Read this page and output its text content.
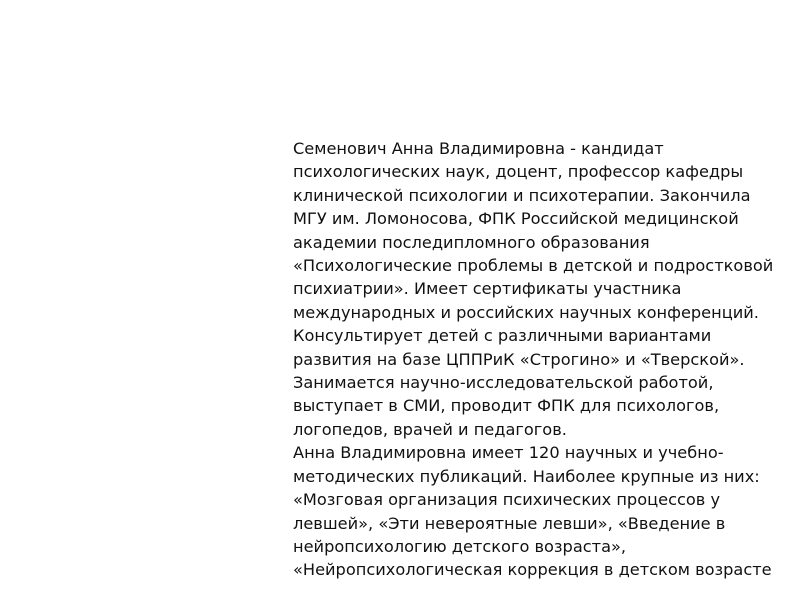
Семенович Анна Владимировна - кандидат
психологических наук, доцент, профессор кафедры
клинической психологии и психотерапии. Закончила
МГУ им. Ломоносова, ФПК Российской медицинской
академии последипломного образования
«Психологические проблемы в детской и подростковой
психиатрии». Имеет сертификаты участника
международных и российских научных конференций.
Консультирует детей с различными вариантами
развития на базе ЦППРиК «Строгино» и «Тверской».
Занимается научно-исследовательской работой,
выступает в СМИ, проводит ФПК для психологов,
логопедов, врачей и педагогов.
Анна Владимировна имеет 120 научных и учебно-
методических публикаций. Наиболее крупные из них:
«Мозговая организация психических процессов у
левшей», «Эти невероятные левши», «Введение в
нейропсихологию детского возраста»,
«Нейропсихологическая коррекция в детском возрасте
